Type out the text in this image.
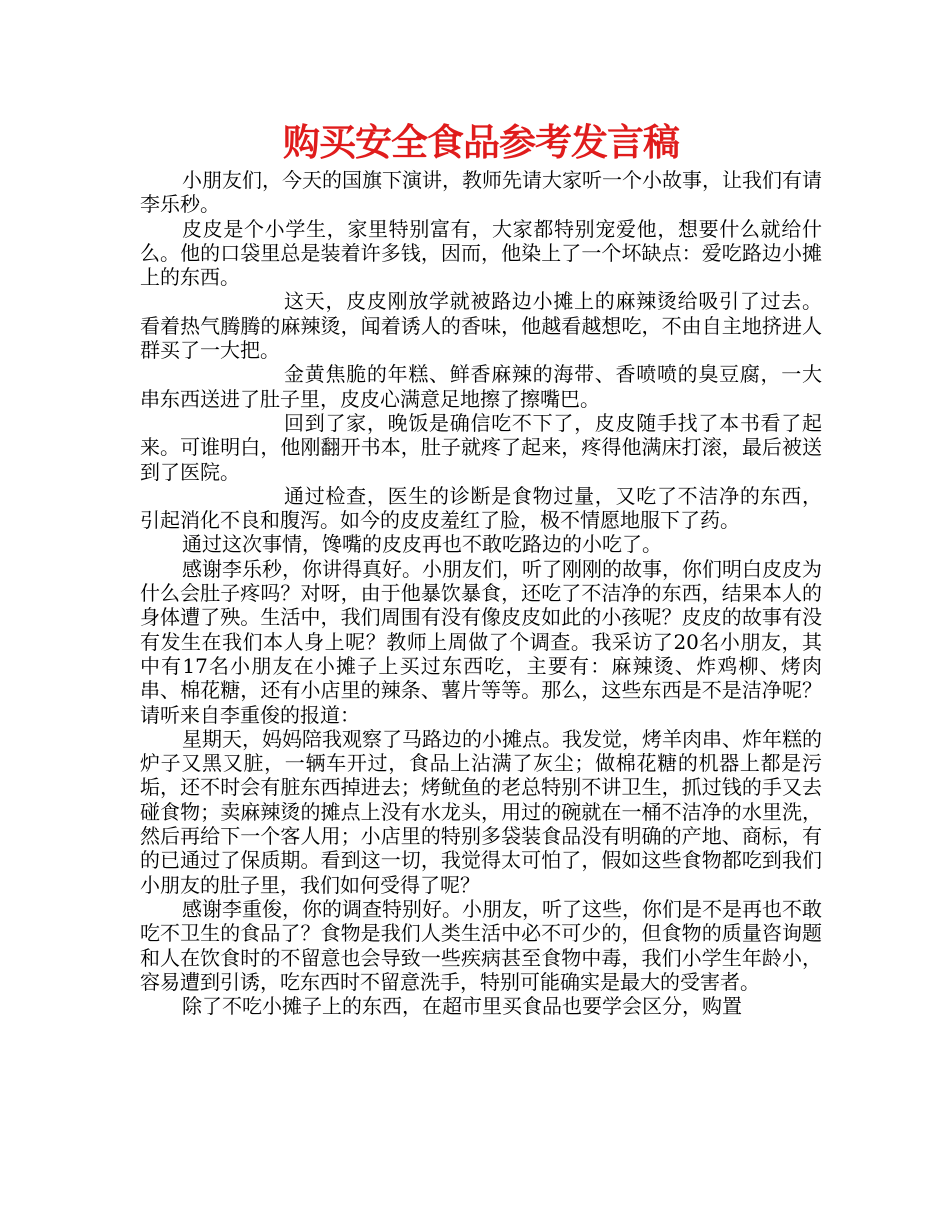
购买安全食品参考发言稿

小朋友们，今天的国旗下演讲，教师先请大家听一个小故事，让我们有请李乐秒。

皮皮是个小学生，家里特别富有，大家都特别宠爱他，想要什么就给什么。他的口袋里总是装着许多钱，因而，他染上了一个坏缺点：爱吃路边小摊上的东西。

这天，皮皮刚放学就被路边小摊上的麻辣烫给吸引了过去。看着热气腾腾的麻辣烫，闻着诱人的香味，他越看越想吃，不由自主地挤进人群买了一大把。

金黄焦脆的年糕、鲜香麻辣的海带、香喷喷的臭豆腐，一大串东西送进了肚子里，皮皮心满意足地擦了擦嘴巴。

回到了家，晚饭是确信吃不下了，皮皮随手找了本书看了起来。可谁明白，他刚翻开书本，肚子就疼了起来，疼得他满床打滚，最后被送到了医院。

通过检查，医生的诊断是食物过量，又吃了不洁净的东西，引起消化不良和腹泻。如今的皮皮羞红了脸，极不情愿地服下了药。

通过这次事情，馋嘴的皮皮再也不敢吃路边的小吃了。

感谢李乐秒，你讲得真好。小朋友们，听了刚刚的故事，你们明白皮皮为什么会肚子疼吗？对呀，由于他暴饮暴食，还吃了不洁净的东西，结果本人的身体遭了殃。生活中，我们周围有没有像皮皮如此的小孩呢？皮皮的故事有没有发生在我们本人身上呢？教师上周做了个调查。我采访了20名小朋友，其中有17名小朋友在小摊子上买过东西吃，主要有：麻辣烫、炸鸡柳、烤肉串、棉花糖，还有小店里的辣条、薯片等等。那么，这些东西是不是洁净呢？请听来自李重俊的报道：

星期天，妈妈陪我观察了马路边的小摊点。我发觉，烤羊肉串、炸年糕的炉子又黑又脏，一辆车开过，食品上沾满了灰尘；做棉花糖的机器上都是污垢，还不时会有脏东西掉进去；烤鱿鱼的老总特别不讲卫生，抓过钱的手又去碰食物；卖麻辣烫的摊点上没有水龙头，用过的碗就在一桶不洁净的水里洗，然后再给下一个客人用；小店里的特别多袋装食品没有明确的产地、商标，有的已通过了保质期。看到这一切，我觉得太可怕了，假如这些食物都吃到我们小朋友的肚子里，我们如何受得了呢？

感谢李重俊，你的调查特别好。小朋友，听了这些，你们是不是再也不敢吃不卫生的食品了？食物是我们人类生活中必不可少的，但食物的质量咨询题和人在饮食时的不留意也会导致一些疾病甚至食物中毒，我们小学生年龄小，容易遭到引诱，吃东西时不留意洗手，特别可能确实是最大的受害者。

除了不吃小摊子上的东西，在超市里买食品也要学会区分，购置
